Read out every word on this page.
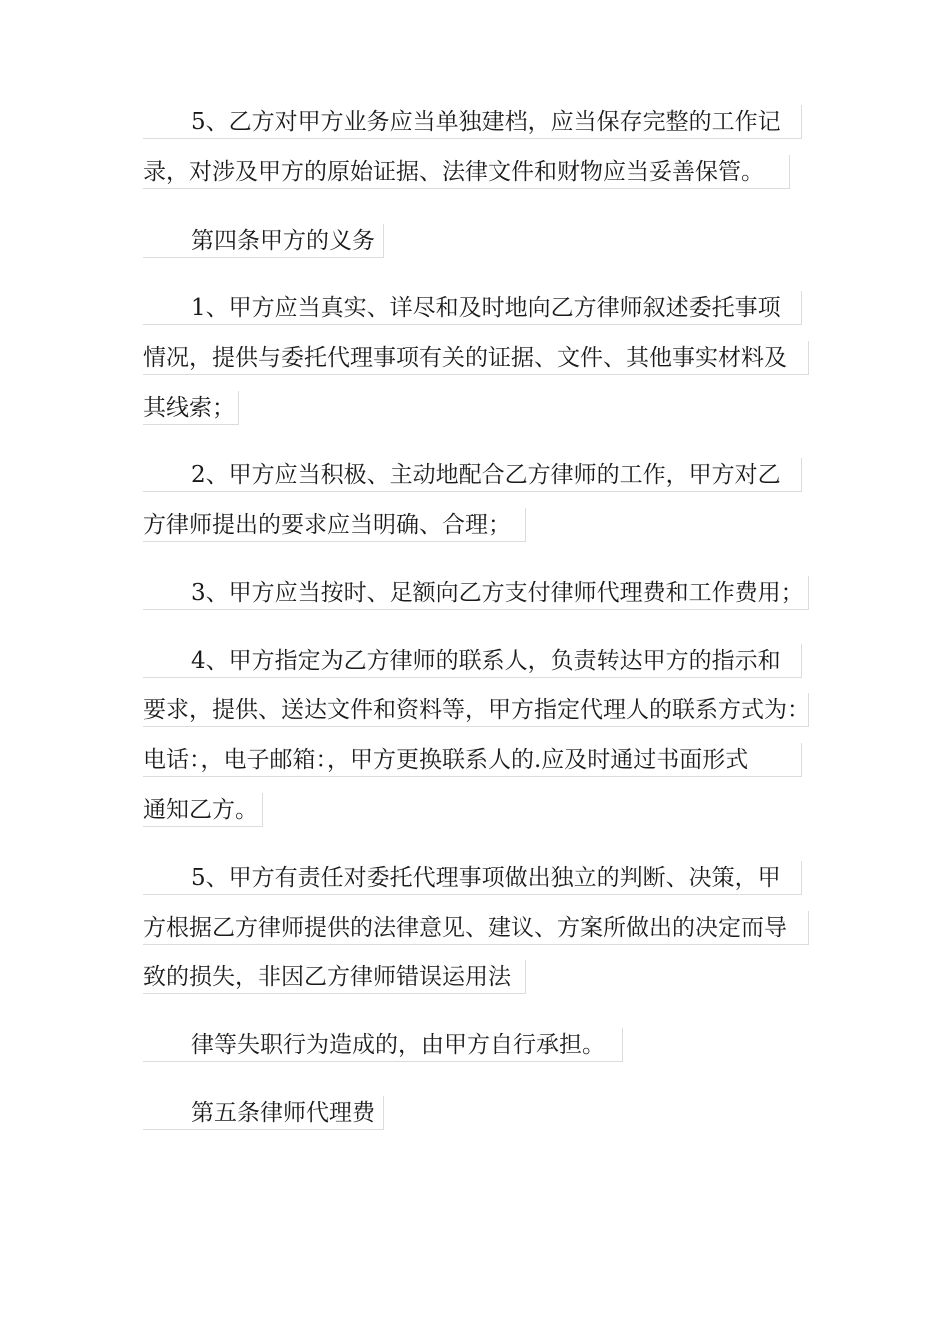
5、乙方对甲方业务应当单独建档，应当保存完整的工作记
录，对涉及甲方的原始证据、法律文件和财物应当妥善保管。
第四条甲方的义务
1、甲方应当真实、详尽和及时地向乙方律师叙述委托事项
情况，提供与委托代理事项有关的证据、文件、其他事实材料及
其线索；
2、甲方应当积极、主动地配合乙方律师的工作，甲方对乙
方律师提出的要求应当明确、合理；
3、甲方应当按时、足额向乙方支付律师代理费和工作费用；
4、甲方指定为乙方律师的联系人，负责转达甲方的指示和
要求，提供、送达文件和资料等，甲方指定代理人的联系方式为：
电话：，电子邮箱：，甲方更换联系人的.应及时通过书面形式
通知乙方。
5、甲方有责任对委托代理事项做出独立的判断、决策，甲
方根据乙方律师提供的法律意见、建议、方案所做出的决定而导
致的损失，非因乙方律师错误运用法
律等失职行为造成的，由甲方自行承担。
第五条律师代理费
